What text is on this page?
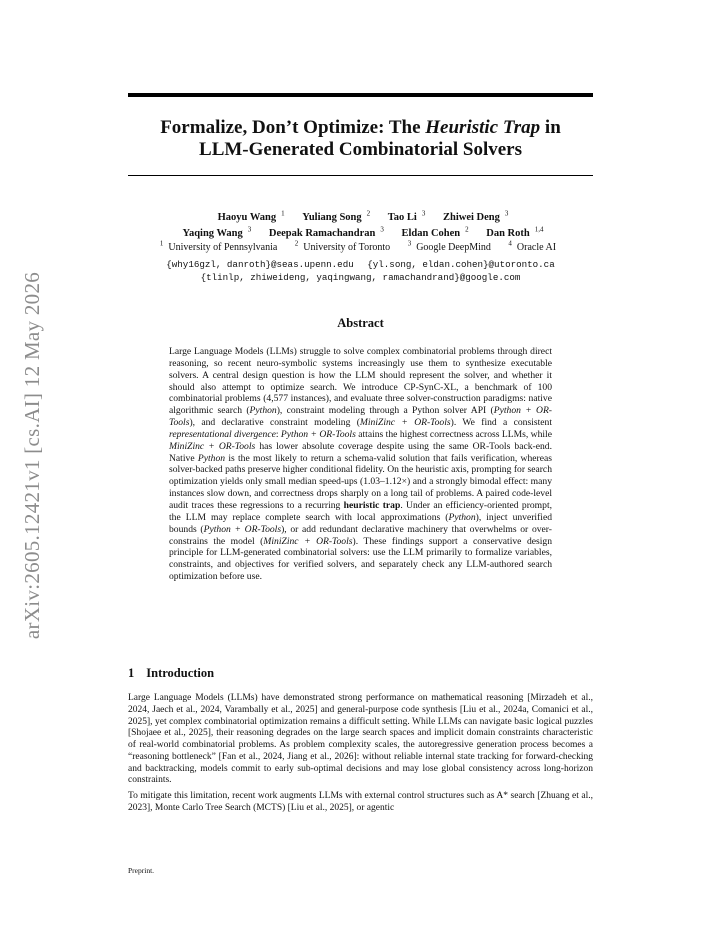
arXiv:2605.12421v1 [cs.AI] 12 May 2026
Formalize, Don’t Optimize: The Heuristic Trap in
LLM-Generated Combinatorial Solvers
Haoyu Wang $^1$ Yuliang Song $^2$ Tao Li $^3$ Zhiwei Deng $^3$
Yaqing Wang $^3$ Deepak Ramachandran $^3$ Eldan Cohen $^2$ Dan Roth $^{1,4}$
$^1$ University of Pennsylvania	$^2$ University of Toronto	$^3$ Google DeepMind	$^4$ Oracle AI
{why16gzl, danroth}@seas.upenn.edu {yl.song, eldan.cohen}@utoronto.ca
{tlinlp, zhiweideng, yaqingwang, ramachandrand}@google.com
Abstract
Large Language Models (LLMs) struggle to solve complex combinatorial problems through direct reasoning, so recent neuro-symbolic systems increasingly use them to synthesize executable solvers. A central design question is how the LLM should represent the solver, and whether it should also attempt to optimize search. We introduce CP-SynC-XL, a benchmark of 100 combinatorial problems (4,577 instances), and evaluate three solver-construction paradigms: native algorithmic search (Python), constraint modeling through a Python solver API (Python + OR-Tools), and declarative constraint modeling (MiniZinc + OR-Tools). We find a consistent representational divergence: Python + OR-Tools attains the highest correctness across LLMs, while MiniZinc + OR-Tools has lower absolute coverage despite using the same OR-Tools back-end. Native Python is the most likely to return a schema-valid solution that fails verification, whereas solver-backed paths preserve higher conditional fidelity. On the heuristic axis, prompting for search optimization yields only small median speed-ups (1.03–1.12×) and a strongly bimodal effect: many instances slow down, and correctness drops sharply on a long tail of problems. A paired code-level audit traces these regressions to a recurring heuristic trap. Under an efficiency-oriented prompt, the LLM may replace complete search with local approximations (Python), inject unverified bounds (Python + OR-Tools), or add redundant declarative machinery that overwhelms or over-constrains the model (MiniZinc + OR-Tools). These findings support a conservative design principle for LLM-generated combinatorial solvers: use the LLM primarily to formalize variables, constraints, and objectives for verified solvers, and separately check any LLM-authored search optimization before use.
1 Introduction

Large Language Models (LLMs) have demonstrated strong performance on mathematical reasoning [Mirzadeh et al., 2024, Jaech et al., 2024, Varambally et al., 2025] and general-purpose code synthesis [Liu et al., 2024a, Comanici et al., 2025], yet complex combinatorial optimization remains a difficult setting. While LLMs can navigate basic logical puzzles [Shojaee et al., 2025], their reasoning degrades on the large search spaces and implicit domain constraints characteristic of real-world combinatorial problems. As problem complexity scales, the autoregressive generation process becomes a “reasoning bottleneck” [Fan et al., 2024, Jiang et al., 2026]: without reliable internal state tracking for forward-checking and backtracking, models commit to early sub-optimal decisions and may lose global consistency across long-horizon constraints.

To mitigate this limitation, recent work augments LLMs with external control structures such as A* search [Zhuang et al., 2023], Monte Carlo Tree Search (MCTS) [Liu et al., 2025], or agentic

Preprint.
